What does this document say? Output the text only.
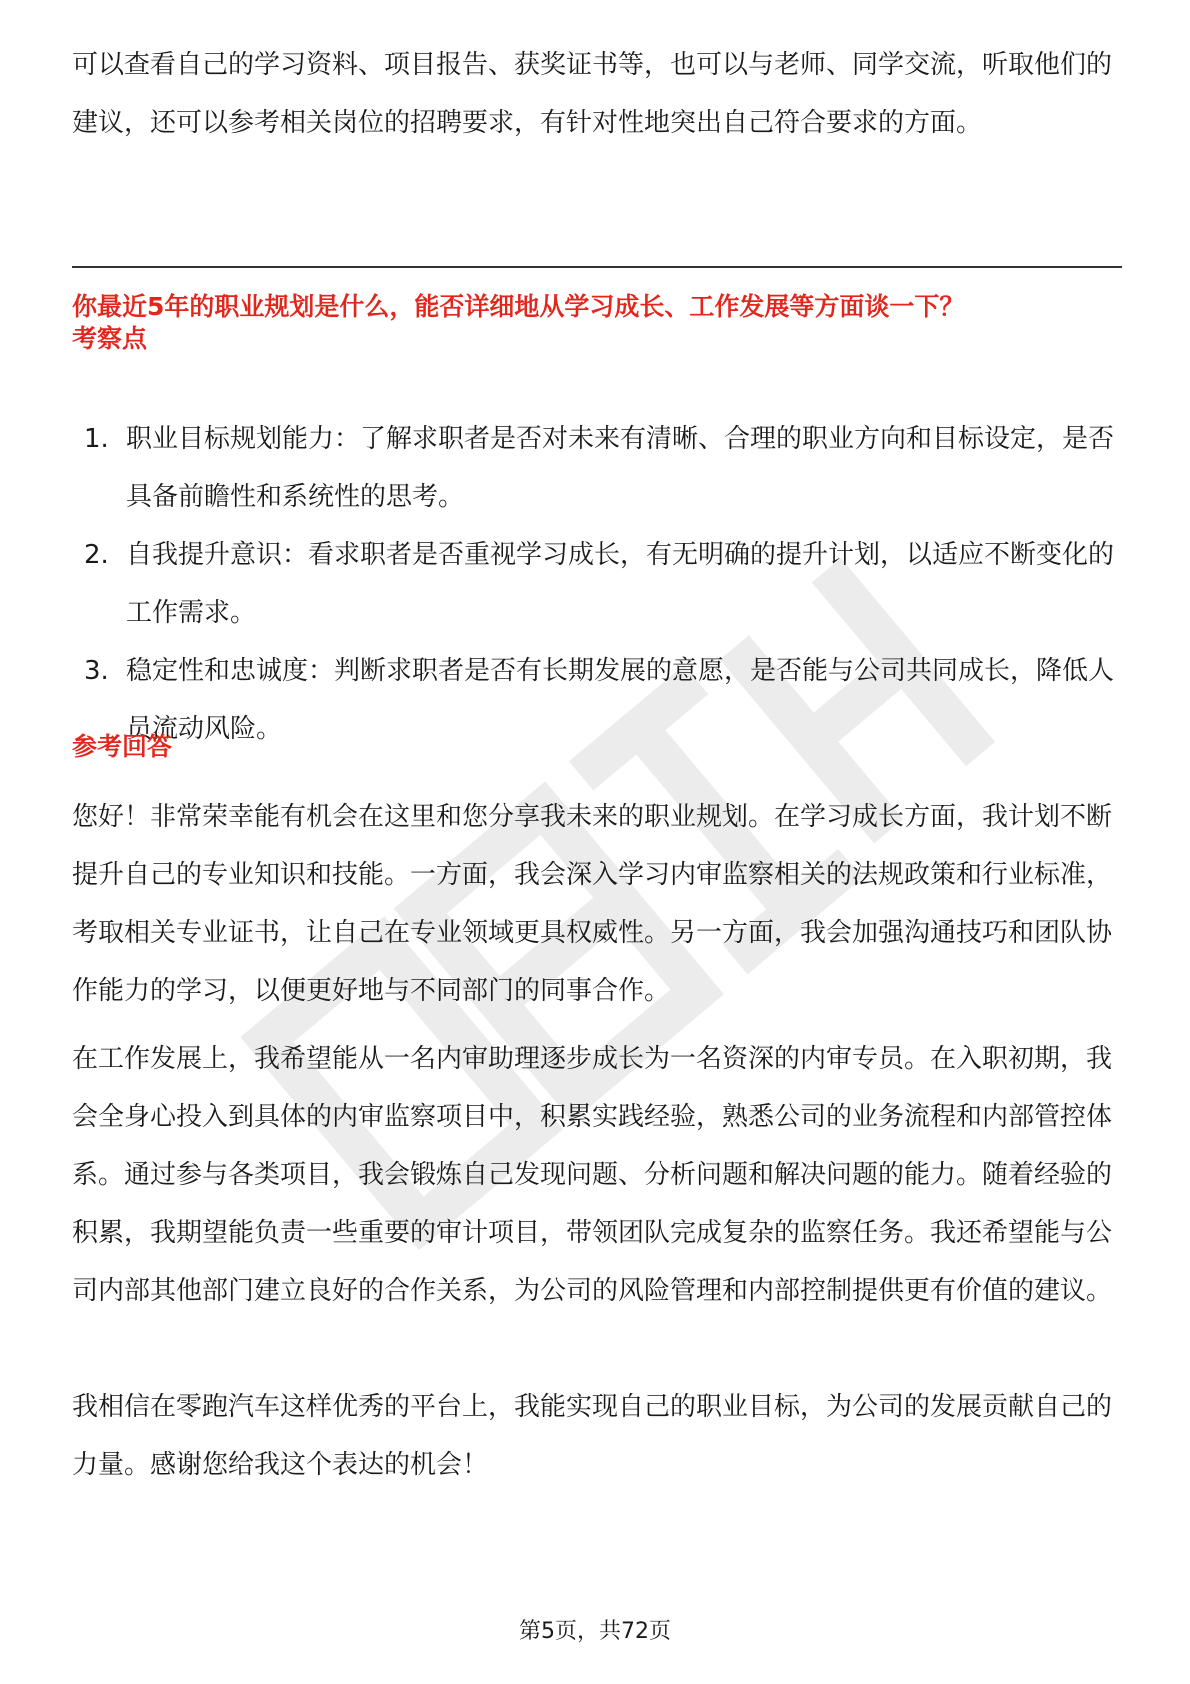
可以查看自己的学习资料、项目报告、获奖证书等，也可以与老师、同学交流，听取他们的建议，还可以参考相关岗位的招聘要求，有针对性地突出自己符合要求的方面。

你最近5年的职业规划是什么，能否详细地从学习成长、工作发展等方面谈一下？

考察点

1. 职业目标规划能力：了解求职者是否对未来有清晰、合理的职业方向和目标设定，是否具备前瞻性和系统性的思考。
2. 自我提升意识：看求职者是否重视学习成长，有无明确的提升计划，以适应不断变化的工作需求。
3. 稳定性和忠诚度：判断求职者是否有长期发展的意愿，是否能与公司共同成长，降低人员流动风险。

参考回答

您好！非常荣幸能有机会在这里和您分享我未来的职业规划。在学习成长方面，我计划不断提升自己的专业知识和技能。一方面，我会深入学习内审监察相关的法规政策和行业标准，考取相关专业证书，让自己在专业领域更具权威性。另一方面，我会加强沟通技巧和团队协作能力的学习，以便更好地与不同部门的同事合作。

在工作发展上，我希望能从一名内审助理逐步成长为一名资深的内审专员。在入职初期，我会全身心投入到具体的内审监察项目中，积累实践经验，熟悉公司的业务流程和内部管控体系。通过参与各类项目，我会锻炼自己发现问题、分析问题和解决问题的能力。随着经验的积累，我期望能负责一些重要的审计项目，带领团队完成复杂的监察任务。我还希望能与公司内部其他部门建立良好的合作关系，为公司的风险管理和内部控制提供更有价值的建议。

我相信在零跑汽车这样优秀的平台上，我能实现自己的职业目标，为公司的发展贡献自己的力量。感谢您给我这个表达的机会！

第5页，共72页
